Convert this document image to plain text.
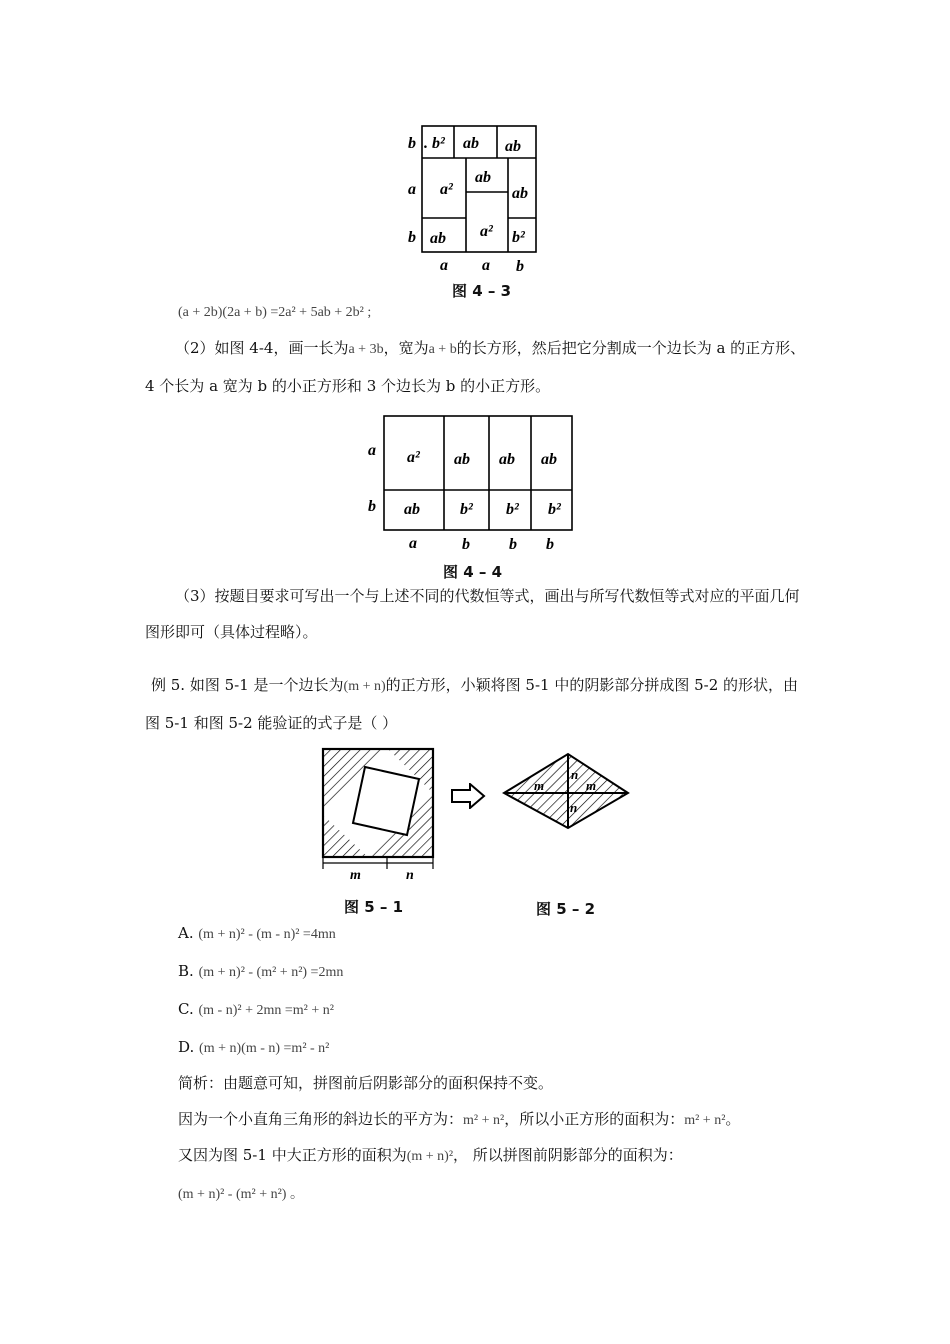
b
a
b
. b² ab ab
a²
ab
ab
ab a² b²
a a b
图 4 – 3
(a + 2b)(2a + b) =2a² + 5ab + 2b² ;
（2）如图 4-4，画一长为a + 3b，宽为a + b的长方形，然后把它分割成一个边长为 a 的正方形、4 个长为 a 宽为 b 的小正方形和 3 个边长为 b 的小正方形。
a
b
a² ab ab ab
ab	b² b² b²
a	b b b
图 4 – 4
（3）按题目要求可写出一个与上述不同的代数恒等式，画出与所写代数恒等式对应的平面几何图形即可（具体过程略）。
例 5. 如图 5-1 是一个边长为(m + n)的正方形，小颖将图 5-1 中的阴影部分拼成图 5-2 的形状，由图 5-1 和图 5-2 能验证的式子是（ ）
m	n
图 5 – 1
m
n
m
n
图 5 – 2
A. (m + n)² - (m - n)² =4mn
B. (m + n)² - (m² + n²) =2mn
C. (m - n)² + 2mn =m² + n²
D. (m + n)(m - n) =m² - n²
简析：由题意可知，拼图前后阴影部分的面积保持不变。
因为一个小直角三角形的斜边长的平方为：m² + n²，所以小正方形的面积为：m² + n²。
又因为图 5-1 中大正方形的面积为(m + n)²， 所以拼图前阴影部分的面积为：
(m + n)² - (m² + n²) 。
